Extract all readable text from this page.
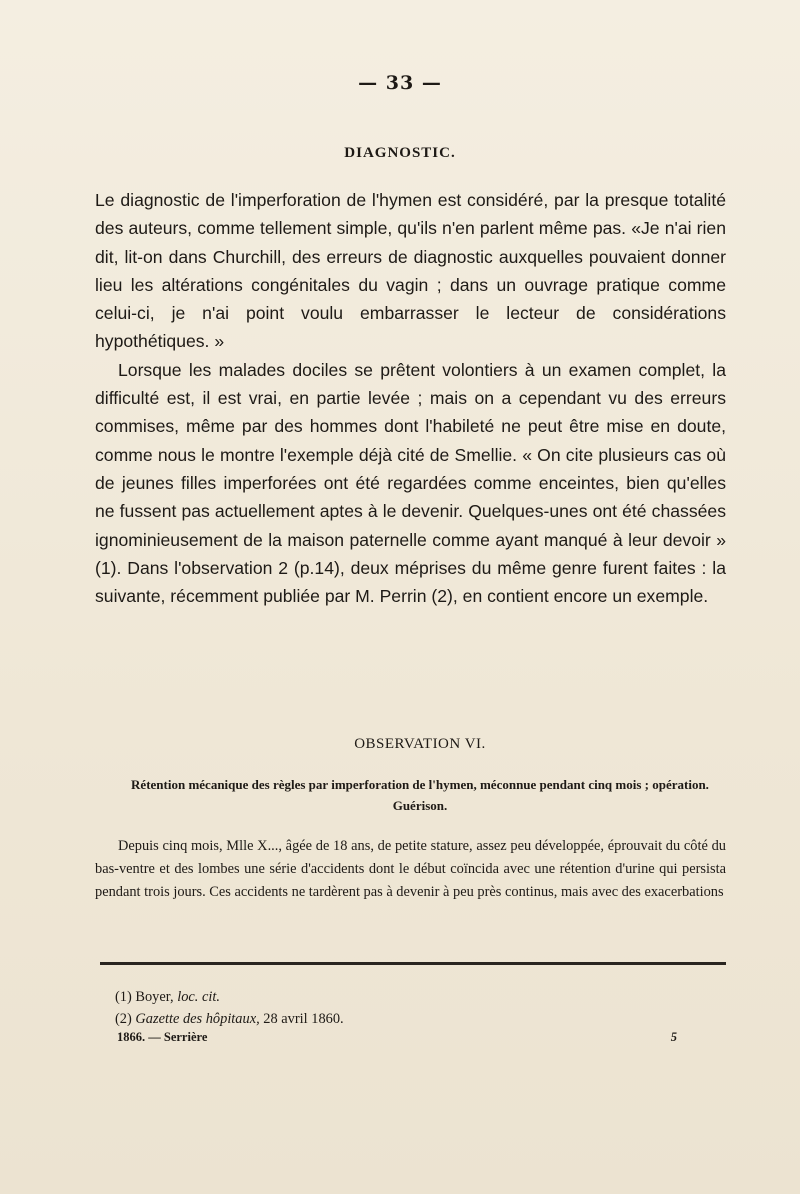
— 33 —
DIAGNOSTIC.

Le diagnostic de l'imperforation de l'hymen est considéré, par la presque totalité des auteurs, comme tellement simple, qu'ils n'en parlent même pas. «Je n'ai rien dit, lit-on dans Churchill, des erreurs de diagnostic auxquelles pouvaient donner lieu les altérations congénitales du vagin ; dans un ouvrage pratique comme celui-ci, je n'ai point voulu embarrasser le lecteur de considérations hypothétiques. »

Lorsque les malades dociles se prêtent volontiers à un examen complet, la difficulté est, il est vrai, en partie levée ; mais on a cependant vu des erreurs commises, même par des hommes dont l'habileté ne peut être mise en doute, comme nous le montre l'exemple déjà cité de Smellie. « On cite plusieurs cas où de jeunes filles imperforées ont été regardées comme enceintes, bien qu'elles ne fussent pas actuellement aptes à le devenir. Quelques-unes ont été chassées ignominieusement de la maison paternelle comme ayant manqué à leur devoir » (1). Dans l'observation 2 (p.14), deux méprises du même genre furent faites : la suivante, récemment publiée par M. Perrin (2), en contient encore un exemple.

OBSERVATION VI.
Rétention mécanique des règles par imperforation de l'hymen, méconnue pendant cinq mois ; opération. Guérison.

Depuis cinq mois, Mlle X..., âgée de 18 ans, de petite stature, assez peu développée, éprouvait du côté du bas-ventre et des lombes une série d'accidents dont le début coïncida avec une rétention d'urine qui persista pendant trois jours. Ces accidents ne tardèrent pas à devenir à peu près continus, mais avec des exacerbations

(1) Boyer, loc. cit.
(2) Gazette des hôpitaux, 28 avril 1860.
1866. — Serrière	5
